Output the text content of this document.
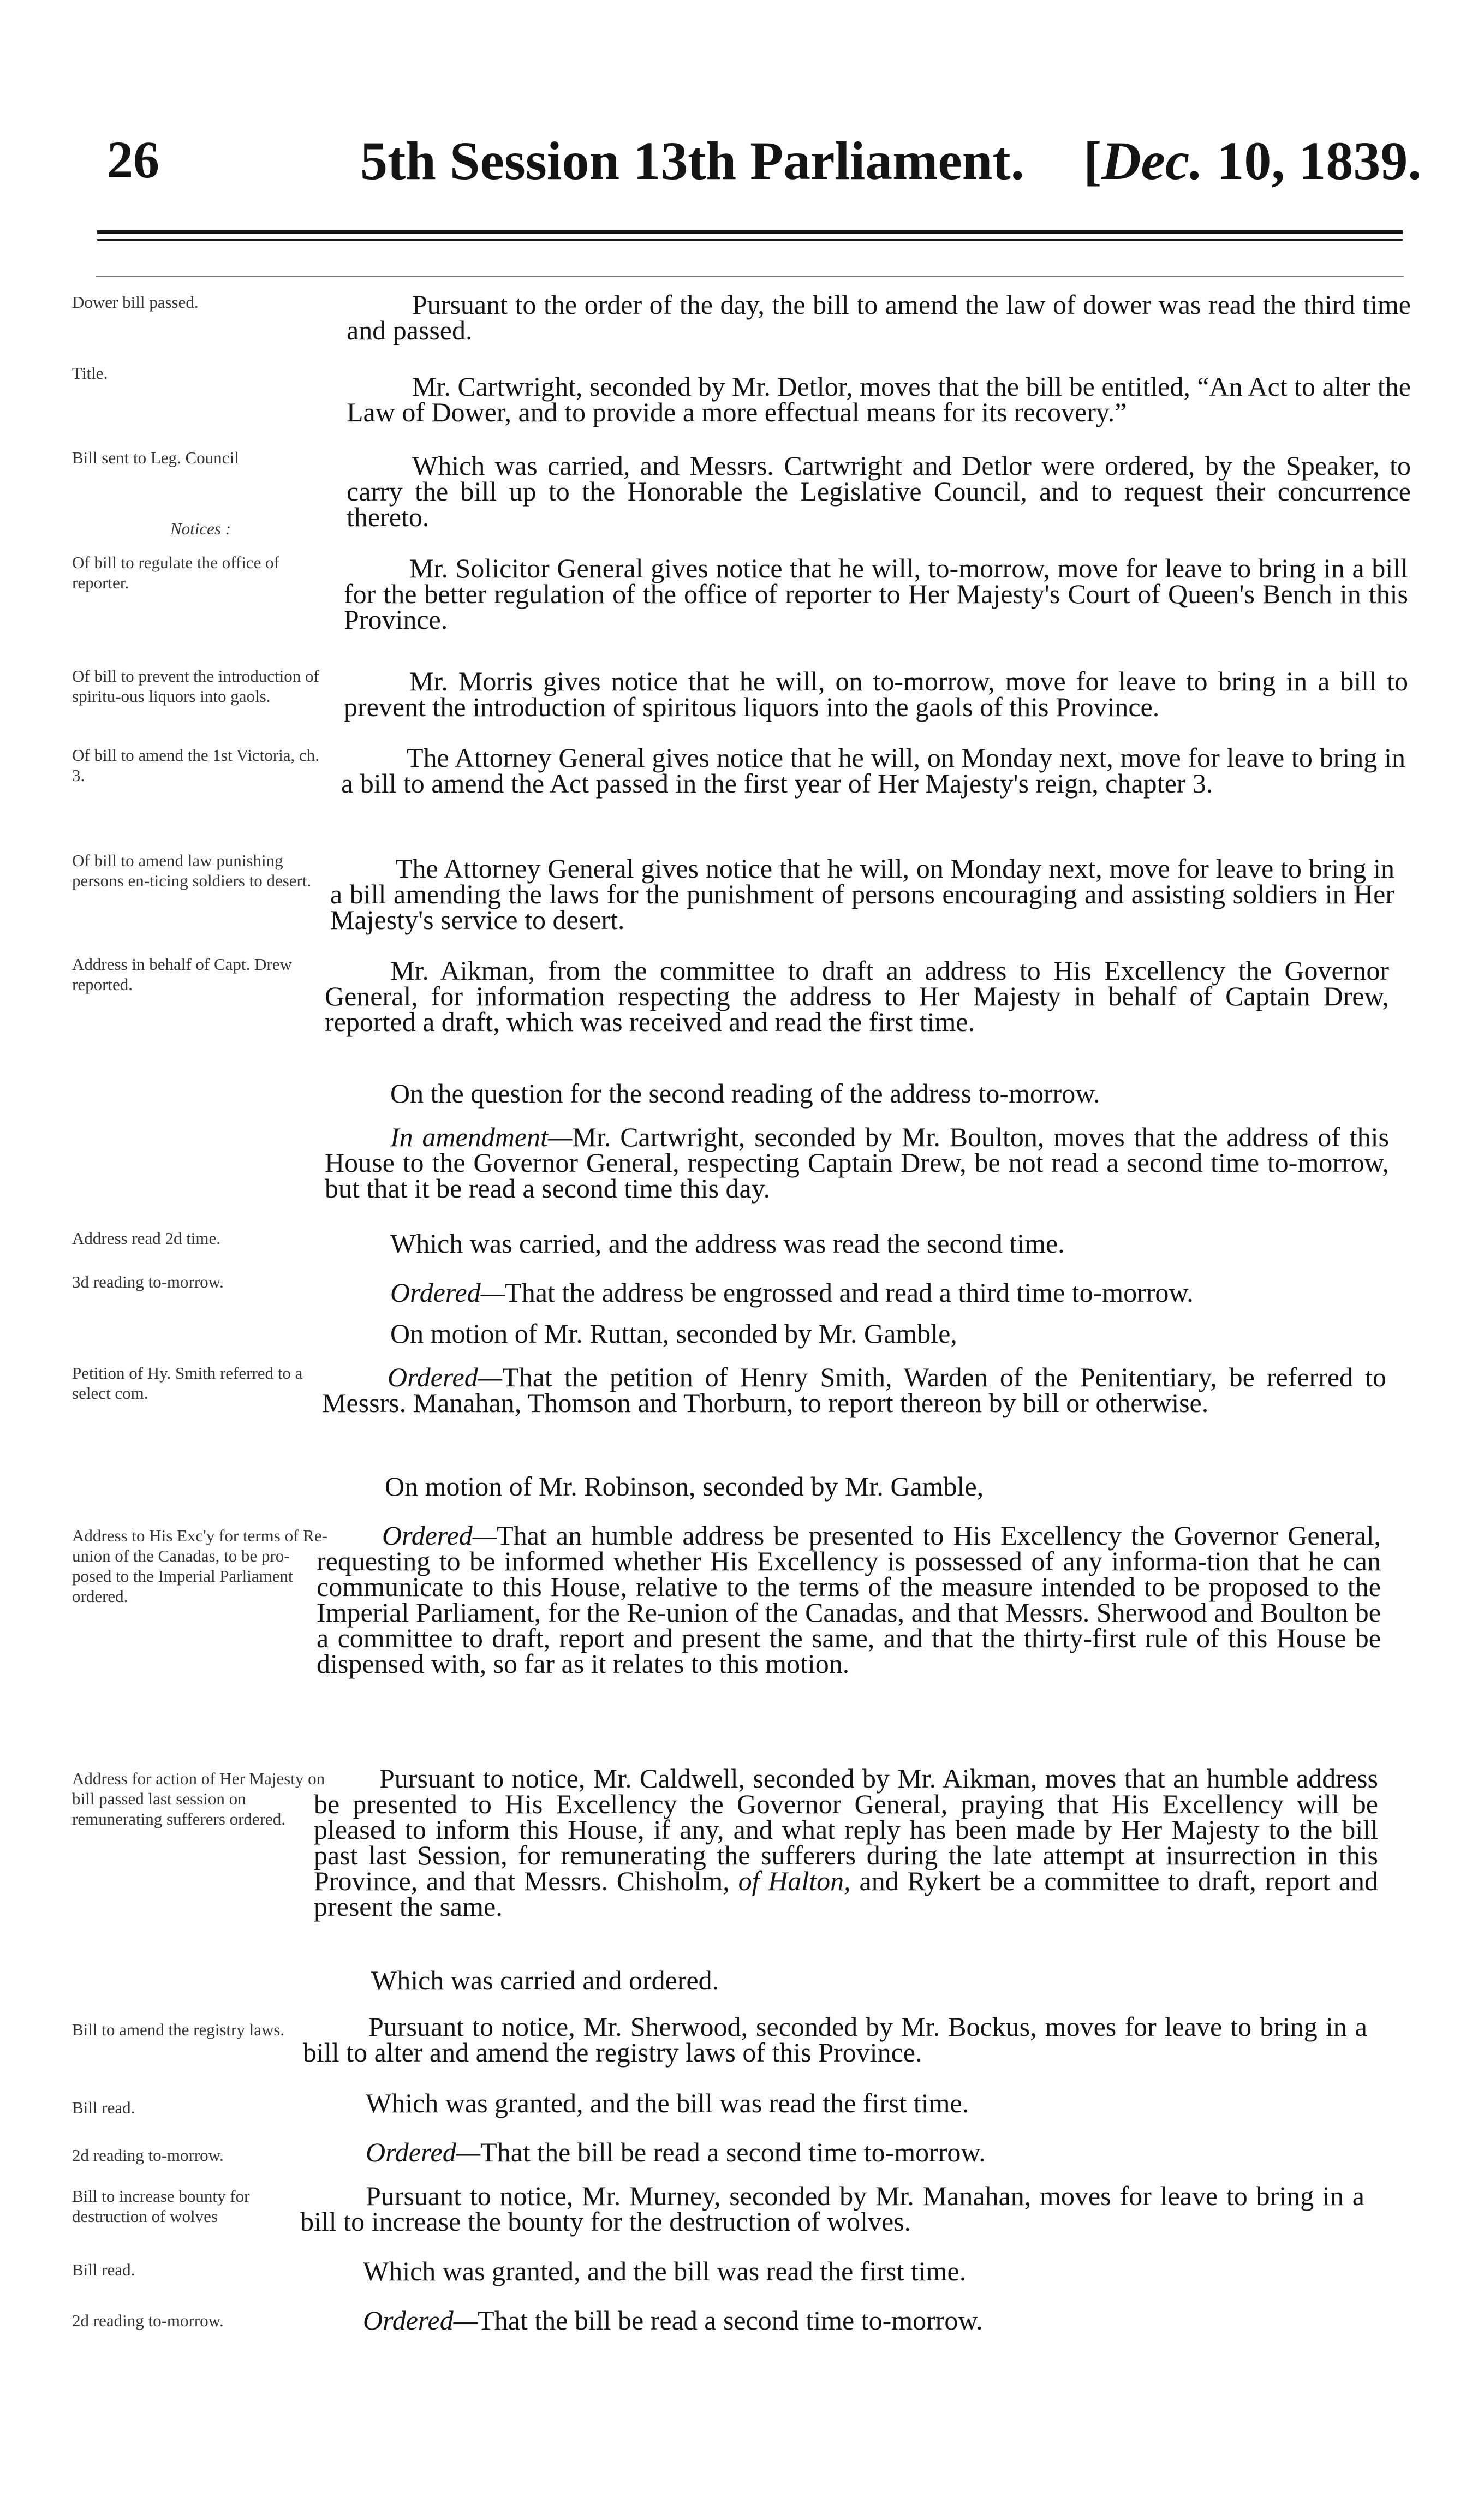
26	5th Session 13th Parliament. [Dec. 10, 1839.
Dower bill passed.
Title.
Bill sent to Leg. Council
Notices :
Of bill to regulate the office of reporter.
Of bill to prevent the introduction of spiritu-ous liquors into gaols.
Of bill to amend the 1st Victoria, ch. 3.
Of bill to amend law punishing persons en-ticing soldiers to desert.
Address in behalf of Capt. Drew reported.
Address read 2d time.
3d reading to-morrow.
Petition of Hy. Smith referred to a select com.
Address to His Exc'y for terms of Re-union of the Canadas, to be pro-posed to the Imperial Parliament ordered.
Address for action of Her Majesty on bill passed last session on remunerating sufferers ordered.
Bill to amend the registry laws.
Bill read.
2d reading to-morrow.
Bill to increase bounty for destruction of wolves
Bill read.
2d reading to-morrow.
Pursuant to the order of the day, the bill to amend the law of dower was read the third time and passed.
Mr. Cartwright, seconded by Mr. Detlor, moves that the bill be entitled, “An Act to alter the Law of Dower, and to provide a more effectual means for its recovery.”
Which was carried, and Messrs. Cartwright and Detlor were ordered, by the Speaker, to carry the bill up to the Honorable the Legislative Council, and to request their concurrence thereto.
Mr. Solicitor General gives notice that he will, to-morrow, move for leave to bring in a bill for the better regulation of the office of reporter to Her Majesty's Court of Queen's Bench in this Province.
Mr. Morris gives notice that he will, on to-morrow, move for leave to bring in a bill to prevent the introduction of spiritous liquors into the gaols of this Province.
The Attorney General gives notice that he will, on Monday next, move for leave to bring in a bill to amend the Act passed in the first year of Her Majesty's reign, chapter 3.
The Attorney General gives notice that he will, on Monday next, move for leave to bring in a bill amending the laws for the punishment of persons encouraging and assisting soldiers in Her Majesty's service to desert.
Mr. Aikman, from the committee to draft an address to His Excellency the Governor General, for information respecting the address to Her Majesty in behalf of Captain Drew, reported a draft, which was received and read the first time.
On the question for the second reading of the address to-morrow.
In amendment—Mr. Cartwright, seconded by Mr. Boulton, moves that the address of this House to the Governor General, respecting Captain Drew, be not read a second time to-morrow, but that it be read a second time this day.
Which was carried, and the address was read the second time.
Ordered—That the address be engrossed and read a third time to-morrow.
On motion of Mr. Ruttan, seconded by Mr. Gamble,
Ordered—That the petition of Henry Smith, Warden of the Penitentiary, be referred to Messrs. Manahan, Thomson and Thorburn, to report thereon by bill or otherwise.
On motion of Mr. Robinson, seconded by Mr. Gamble,
Ordered—That an humble address be presented to His Excellency the Governor General, requesting to be informed whether His Excellency is possessed of any informa-tion that he can communicate to this House, relative to the terms of the measure intended to be proposed to the Imperial Parliament, for the Re-union of the Canadas, and that Messrs. Sherwood and Boulton be a committee to draft, report and present the same, and that the thirty-first rule of this House be dispensed with, so far as it relates to this motion.
Pursuant to notice, Mr. Caldwell, seconded by Mr. Aikman, moves that an humble address be presented to His Excellency the Governor General, praying that His Excellency will be pleased to inform this House, if any, and what reply has been made by Her Majesty to the bill past last Session, for remunerating the sufferers during the late attempt at insurrection in this Province, and that Messrs. Chisholm, of Halton, and Rykert be a committee to draft, report and present the same.
Which was carried and ordered.
Pursuant to notice, Mr. Sherwood, seconded by Mr. Bockus, moves for leave to bring in a bill to alter and amend the registry laws of this Province.
Which was granted, and the bill was read the first time.
Ordered—That the bill be read a second time to-morrow.
Pursuant to notice, Mr. Murney, seconded by Mr. Manahan, moves for leave to bring in a bill to increase the bounty for the destruction of wolves.
Which was granted, and the bill was read the first time.
Ordered—That the bill be read a second time to-morrow.
